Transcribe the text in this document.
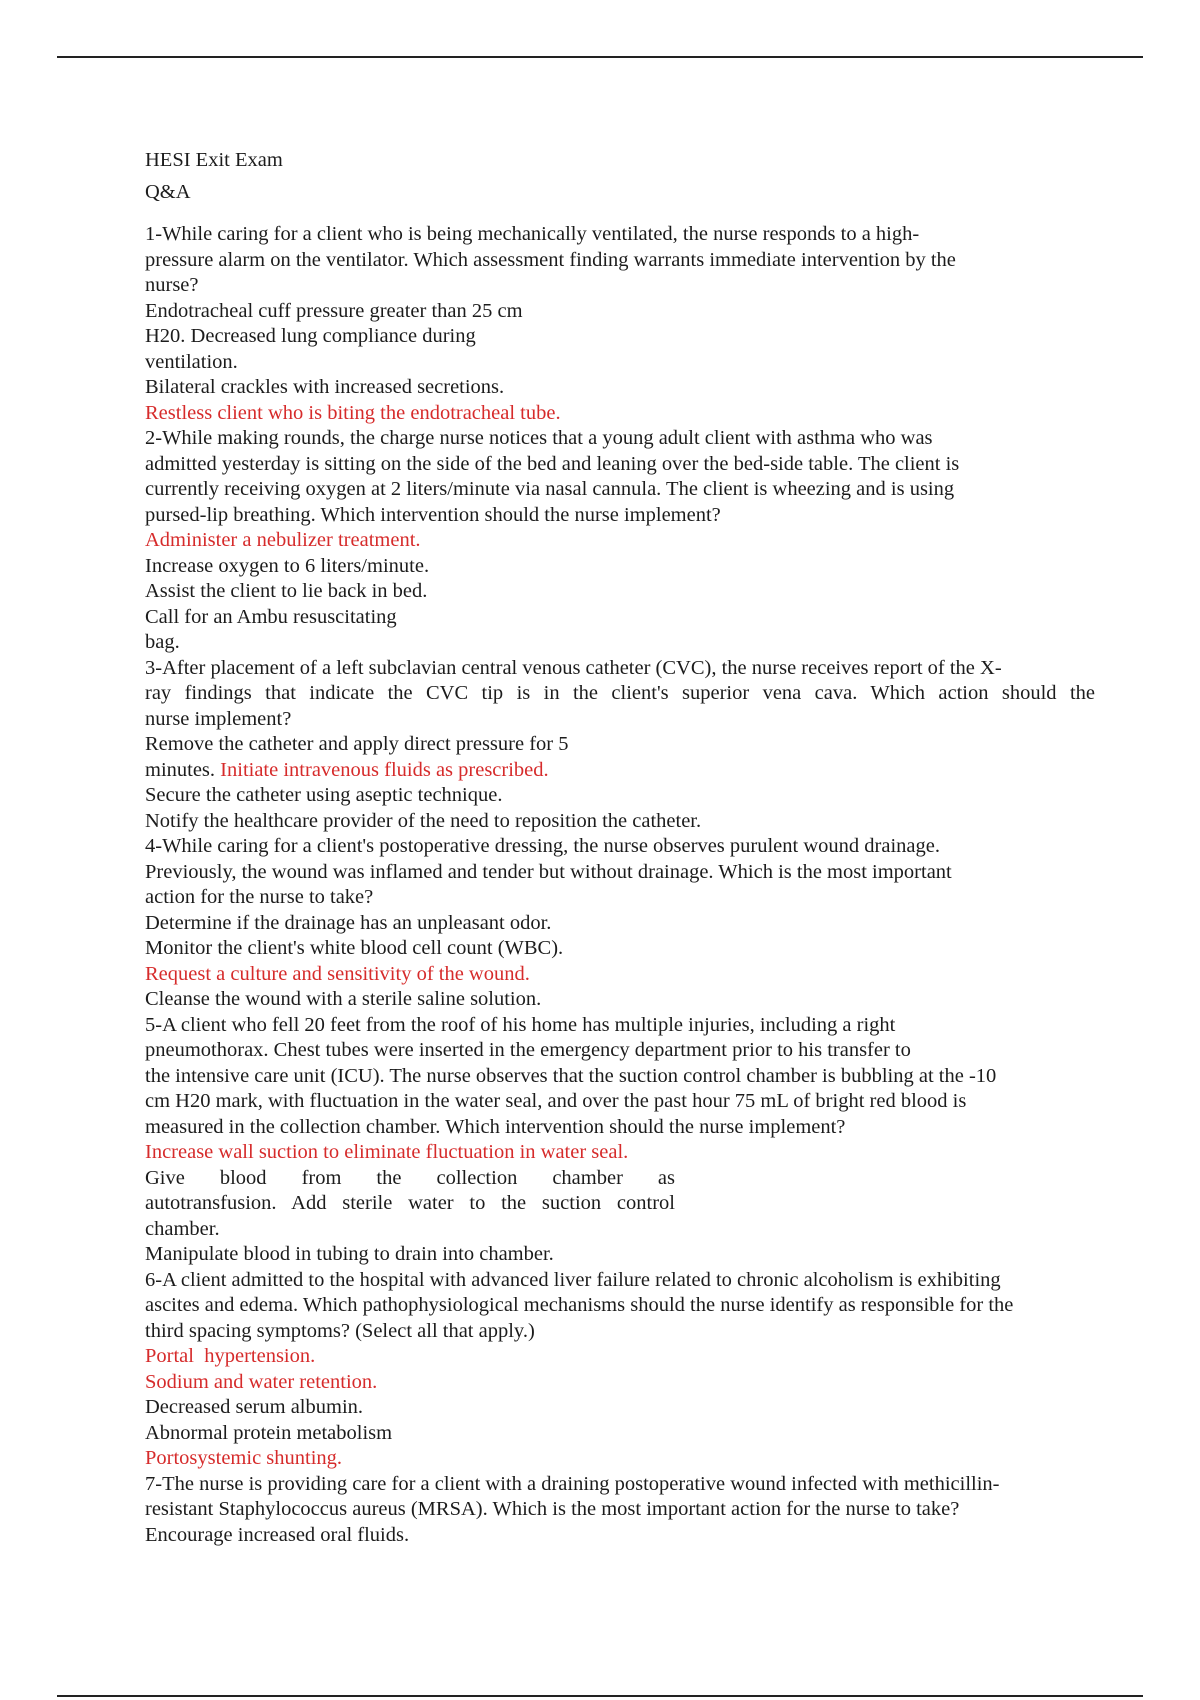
HESI Exit Exam
Q&A
1-While caring for a client who is being mechanically ventilated, the nurse responds to a high-
pressure alarm on the ventilator. Which assessment finding warrants immediate intervention by the
nurse?
Endotracheal cuff pressure greater than 25 cm
H20. Decreased lung compliance during
ventilation.
Bilateral crackles with increased secretions.
Restless client who is biting the endotracheal tube.
2-While making rounds, the charge nurse notices that a young adult client with asthma who was
admitted yesterday is sitting on the side of the bed and leaning over the bed-side table. The client is
currently receiving oxygen at 2 liters/minute via nasal cannula. The client is wheezing and is using
pursed-lip breathing. Which intervention should the nurse implement?
Administer a nebulizer treatment.
Increase oxygen to 6 liters/minute.
Assist the client to lie back in bed.
Call for an Ambu resuscitating
bag.
3-After placement of a left subclavian central venous catheter (CVC), the nurse receives report of the X-
ray findings that indicate the CVC tip is in the client's superior vena cava. Which action should the
nurse implement?
Remove the catheter and apply direct pressure for 5
minutes. Initiate intravenous fluids as prescribed.
Secure the catheter using aseptic technique.
Notify the healthcare provider of the need to reposition the catheter.
4-While caring for a client's postoperative dressing, the nurse observes purulent wound drainage.
Previously, the wound was inflamed and tender but without drainage. Which is the most important
action for the nurse to take?
Determine if the drainage has an unpleasant odor.
Monitor the client's white blood cell count (WBC).
Request a culture and sensitivity of the wound.
Cleanse the wound with a sterile saline solution.
5-A client who fell 20 feet from the roof of his home has multiple injuries, including a right
pneumothorax. Chest tubes were inserted in the emergency department prior to his transfer to
the intensive care unit (ICU). The nurse observes that the suction control chamber is bubbling at the -10
cm H20 mark, with fluctuation in the water seal, and over the past hour 75 mL of bright red blood is
measured in the collection chamber. Which intervention should the nurse implement?
Increase wall suction to eliminate fluctuation in water seal.
Give blood from the collection chamber as
autotransfusion. Add sterile water to the suction control
chamber.
Manipulate blood in tubing to drain into chamber.
6-A client admitted to the hospital with advanced liver failure related to chronic alcoholism is exhibiting
ascites and edema. Which pathophysiological mechanisms should the nurse identify as responsible for the
third spacing symptoms? (Select all that apply.)
Portal  hypertension.
Sodium and water retention.
Decreased serum albumin.
Abnormal protein metabolism
Portosystemic shunting.
7-The nurse is providing care for a client with a draining postoperative wound infected with methicillin-
resistant Staphylococcus aureus (MRSA). Which is the most important action for the nurse to take?
Encourage increased oral fluids.
